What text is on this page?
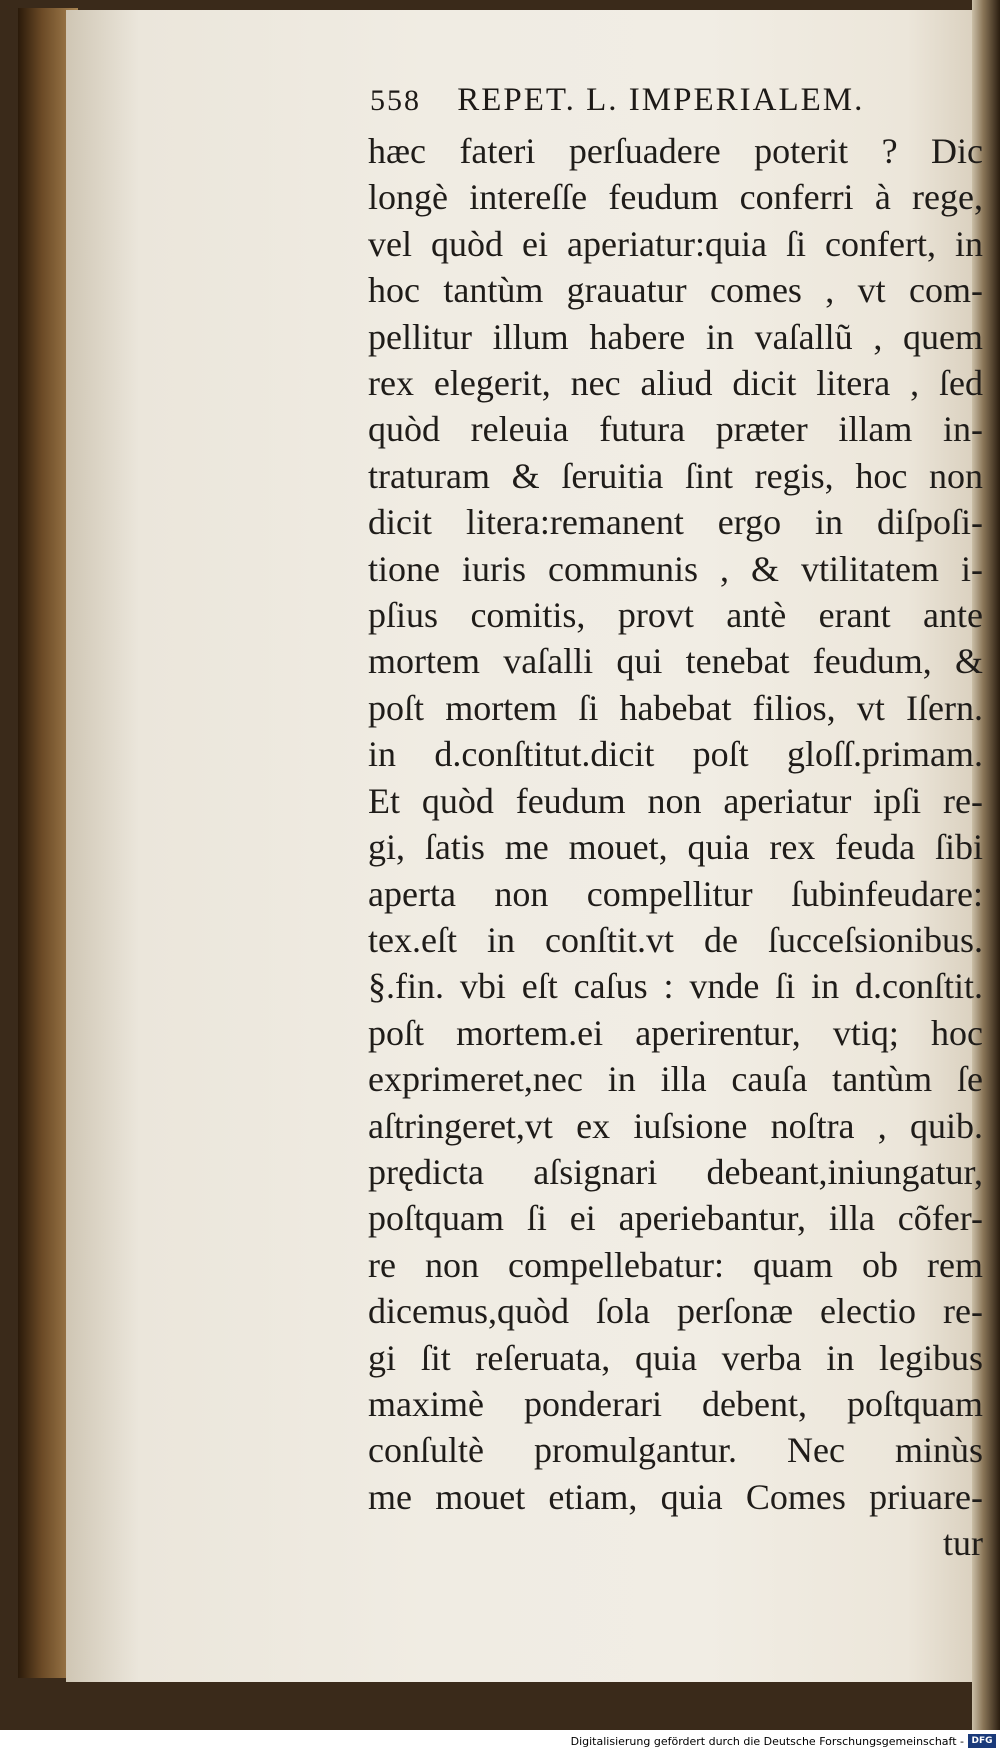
558 REPET. L. IMPERIALEM.
hæc fateri perſuadere poterit ? Dic
longè intereſſe feudum conferri à rege,
vel quòd ei aperiatur:quia ſi confert, in
hoc tantùm grauatur comes , vt com-
pellitur illum habere in vaſallũ , quem
rex elegerit, nec aliud dicit litera , ſed
quòd releuia futura præter illam in-
traturam & ſeruitia ſint regis, hoc non
dicit litera:remanent ergo in diſpoſi-
tione iuris communis , & vtilitatem i-
pſius comitis, provt antè erant ante
mortem vaſalli qui tenebat feudum, &
poſt mortem ſi habebat filios, vt Iſern.
in d.conſtitut.dicit poſt gloſſ.primam.
Et quòd feudum non aperiatur ipſi re-
gi, ſatis me mouet, quia rex feuda ſibi
aperta non compellitur ſubinfeudare:
tex.eſt in conſtit.vt de ſucceſsionibus.
§.fin. vbi eſt caſus : vnde ſi in d.conſtit.
poſt mortem.ei aperirentur, vtiq; hoc
exprimeret,nec in illa cauſa tantùm ſe
aſtringeret,vt ex iuſsione noſtra , quib.
prędicta aſsignari debeant,iniungatur,
poſtquam ſi ei aperiebantur, illa cõfer-
re non compellebatur: quam ob rem
dicemus,quòd ſola perſonæ electio re-
gi ſit reſeruata, quia verba in legibus
maximè ponderari debent, poſtquam
conſultè promulgantur. Nec minùs
me mouet etiam, quia Comes priuare-
tur
Digitalisierung gefördert durch die Deutsche Forschungsgemeinschaft - DFG
